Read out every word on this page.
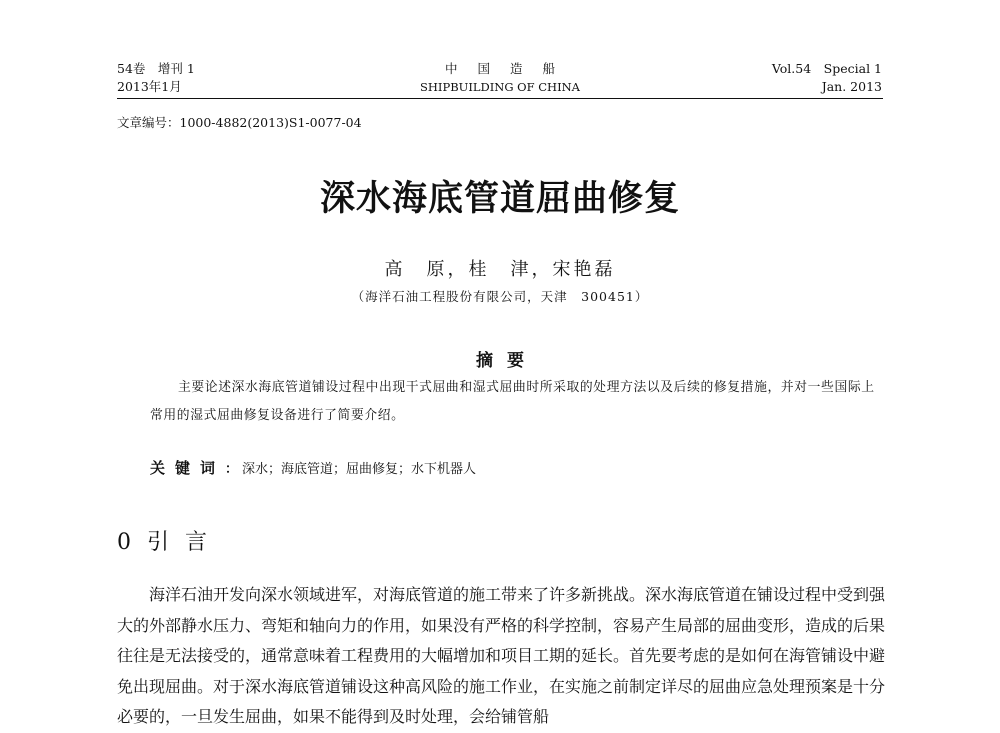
54卷　增刊 1
2013年1月
中国造船
SHIPBUILDING OF CHINA
Vol.54　Special 1
Jan. 2013
文章编号：1000-4882(2013)S1-0077-04
深水海底管道屈曲修复
高　原，桂　津，宋艳磊
（海洋石油工程股份有限公司，天津　300451）
摘要
主要论述深水海底管道铺设过程中出现干式屈曲和湿式屈曲时所采取的处理方法以及后续的修复措施，并对一些国际上常用的湿式屈曲修复设备进行了简要介绍。
关键词： 深水；海底管道；屈曲修复；水下机器人
0 引言
海洋石油开发向深水领域进军，对海底管道的施工带来了许多新挑战。深水海底管道在铺设过程中受到强大的外部静水压力、弯矩和轴向力的作用，如果没有严格的科学控制，容易产生局部的屈曲变形，造成的后果往往是无法接受的，通常意味着工程费用的大幅增加和项目工期的延长。首先要考虑的是如何在海管铺设中避免出现屈曲。对于深水海底管道铺设这种高风险的施工作业，在实施之前制定详尽的屈曲应急处理预案是十分必要的，一旦发生屈曲，如果不能得到及时处理，会给铺管船
